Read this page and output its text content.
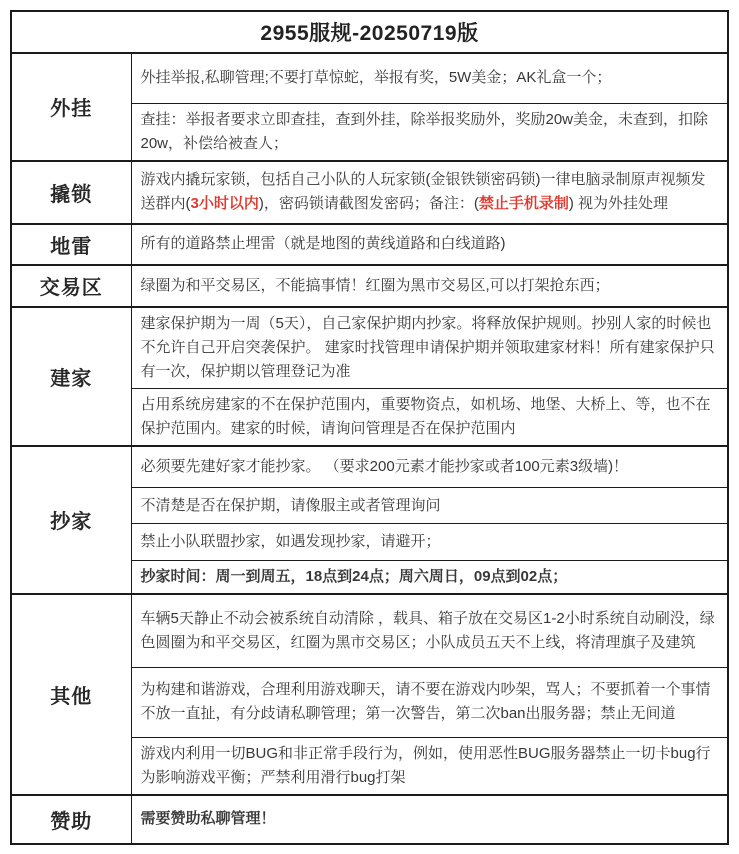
2955服规-20250719版	
外挂	外挂举报,私聊管理;不要打草惊蛇，举报有奖，5W美金；AK礼盒一个；
	查挂：举报者要求立即查挂，查到外挂，除举报奖励外，奖励20w美金，未查到，扣除20w，补偿给被查人；
撬锁	游戏内撬玩家锁，包括自己小队的人玩家锁(金银铁锁密码锁)一律电脑录制原声视频发送群内(3小时以内)，密码锁请截图发密码；备注：(禁止手机录制) 视为外挂处理
地雷	所有的道路禁止埋雷（就是地图的黄线道路和白线道路)
交易区	绿圈为和平交易区，不能搞事情！红圈为黑市交易区,可以打架抢东西；
建家	建家保护期为一周（5天），自己家保护期内抄家。将释放保护规则。抄别人家的时候也不允许自己开启突袭保护。 建家时找管理申请保护期并领取建家材料！所有建家保护只有一次，保护期以管理登记为准
	占用系统房建家的不在保护范围内，重要物资点，如机场、地堡、大桥上、等，也不在保护范围内。建家的时候，请询问管理是否在保护范围内
抄家	必须要先建好家才能抄家。 （要求200元素才能抄家或者100元素3级墙)！
	不清楚是否在保护期，请像服主或者管理询问
	禁止小队联盟抄家，如遇发现抄家，请避开；
	抄家时间：周一到周五，18点到24点；周六周日，09点到02点；
其他	车辆5天静止不动会被系统自动清除 ，载具、箱子放在交易区1-2小时系统自动刷没，绿色圆圈为和平交易区，红圈为黑市交易区；小队成员五天不上线，将清理旗子及建筑
	为构建和谐游戏，合理利用游戏聊天，请不要在游戏内吵架，骂人；不要抓着一个事情不放一直扯，有分歧请私聊管理；第一次警告，第二次ban出服务器；禁止无间道
	游戏内利用一切BUG和非正常手段行为，例如，使用恶性BUG服务器禁止一切卡bug行为影响游戏平衡；严禁利用滑行bug打架
赞助	需要赞助私聊管理！
